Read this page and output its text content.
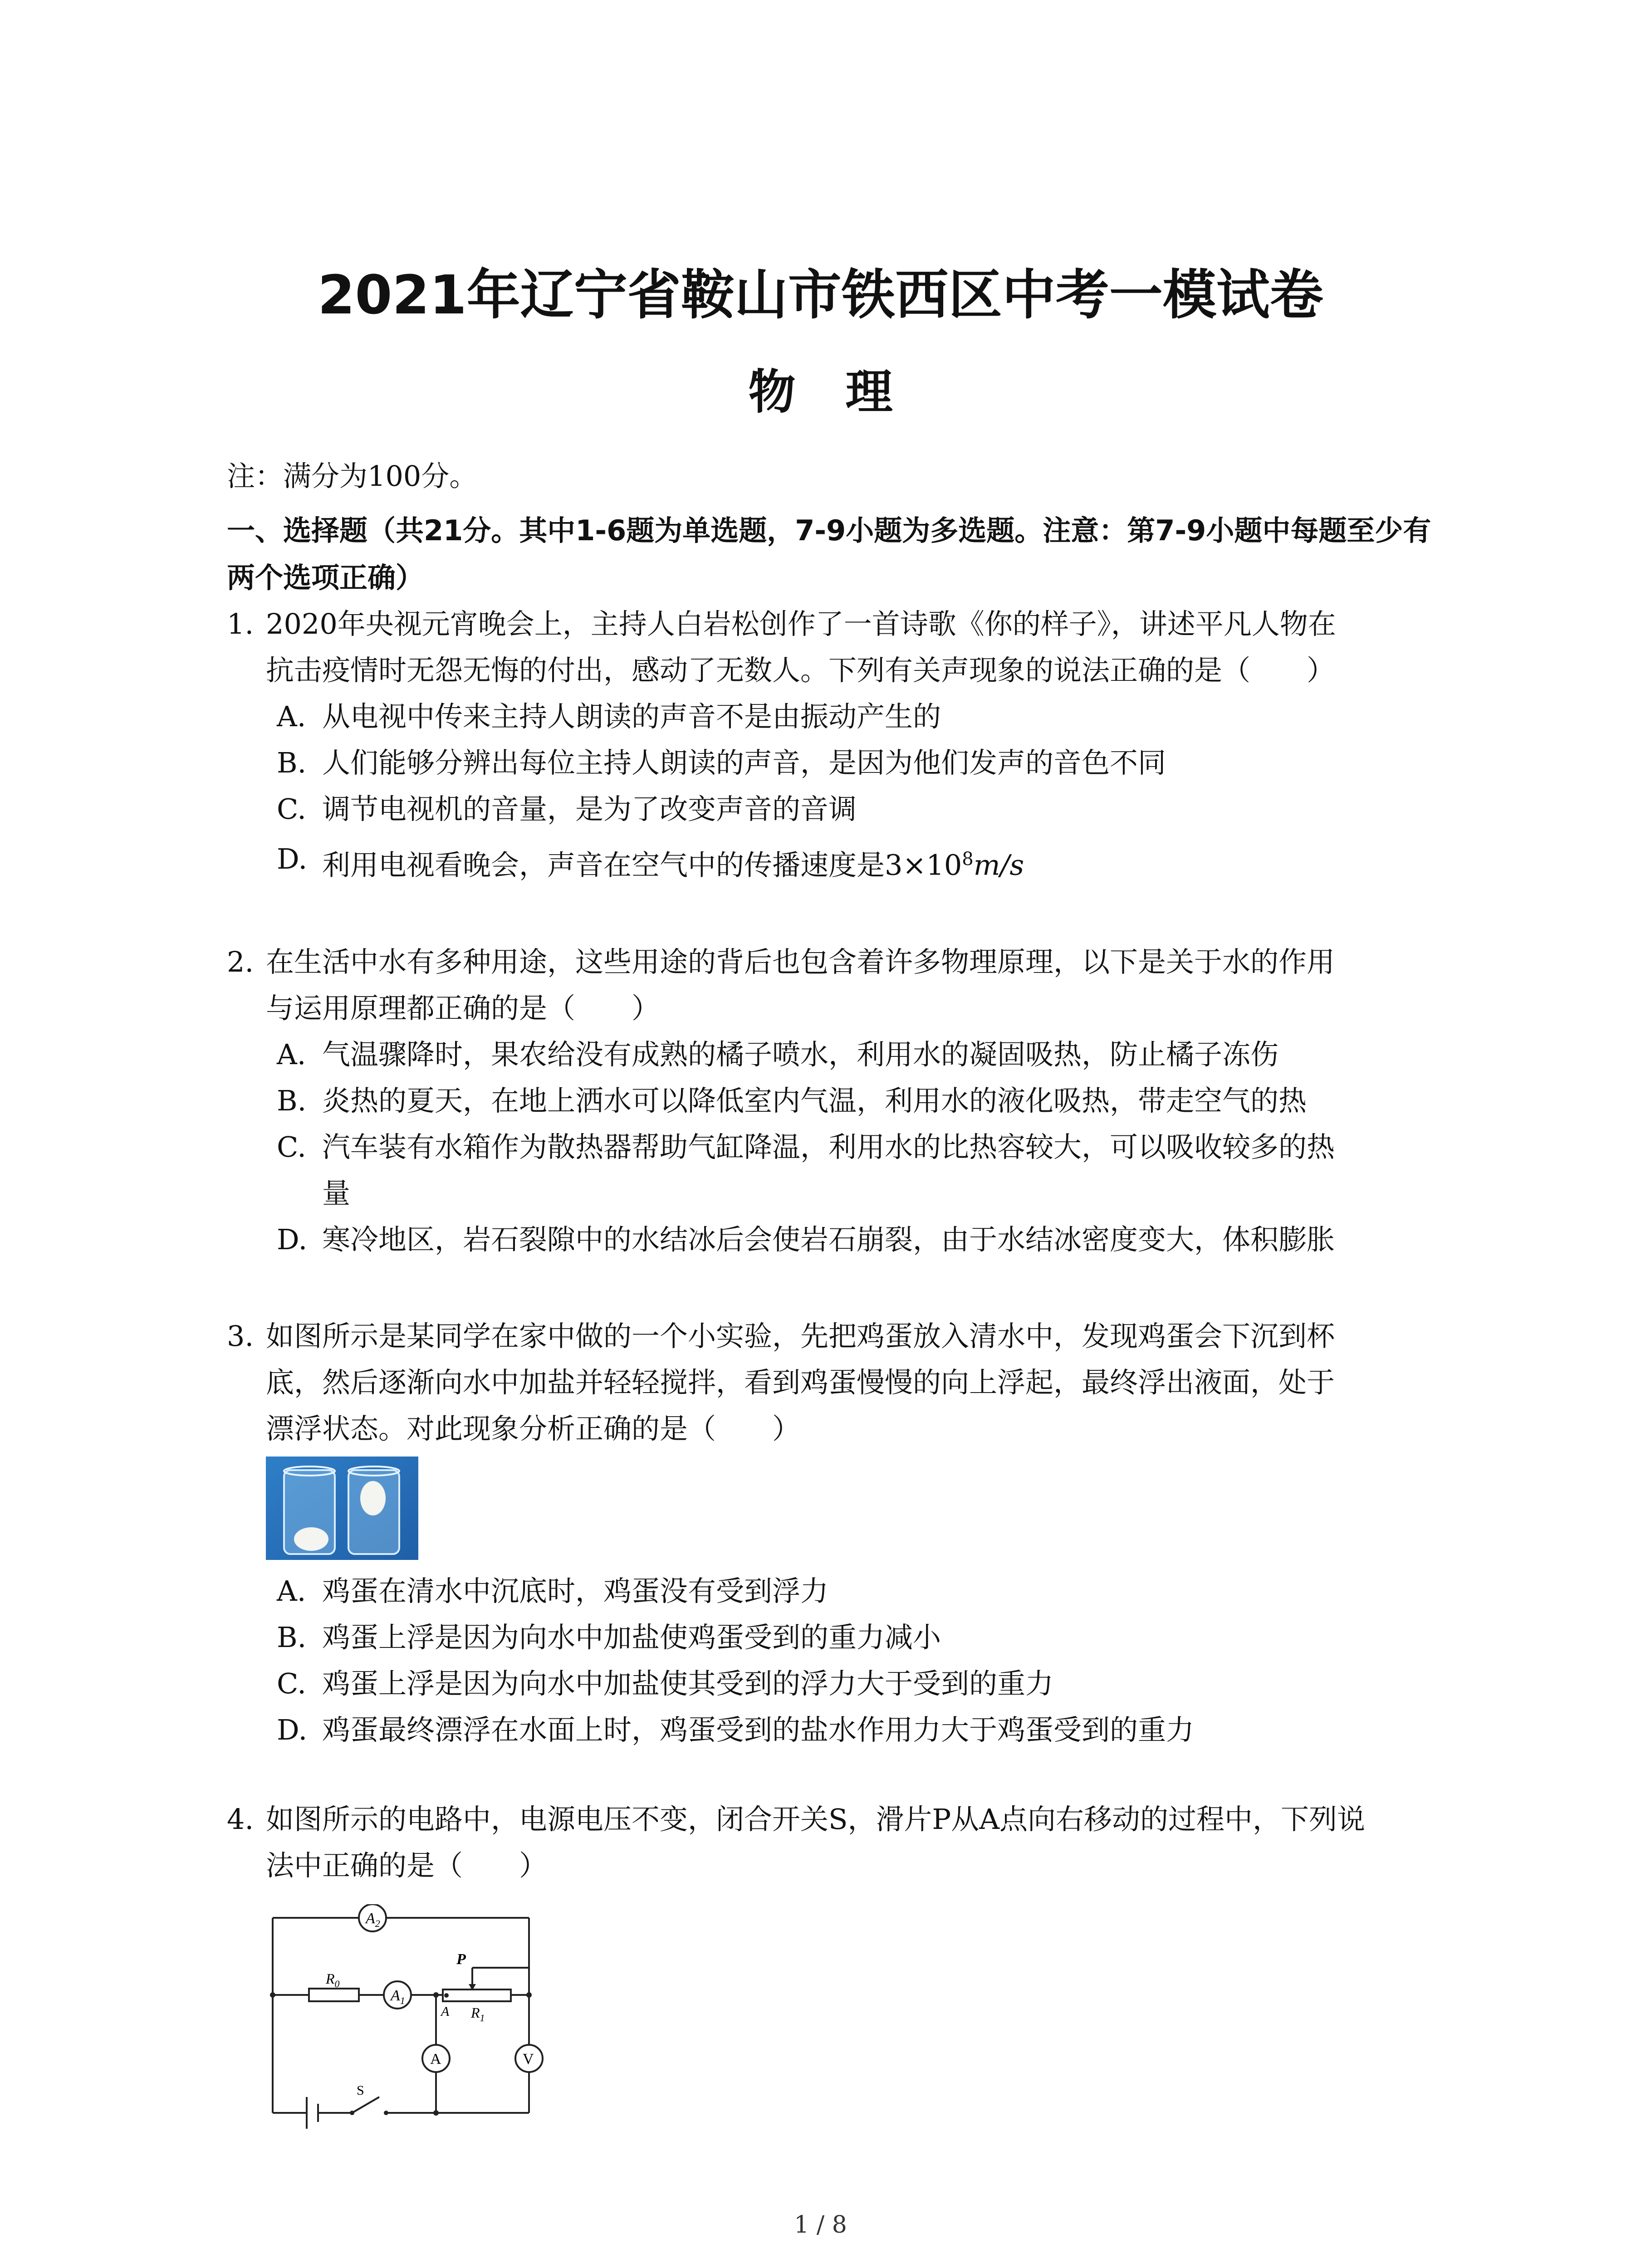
2021年辽宁省鞍山市铁西区中考一模试卷
物理
注：满分为100分。
一、选择题（共21分。其中1-6题为单选题，7-9小题为多选题。注意：第7-9小题中每题至少有两个选项正确）
1. 2020年央视元宵晚会上，主持人白岩松创作了一首诗歌《你的样子》，讲述平凡人物在
抗击疫情时无怨无悔的付出，感动了无数人。下列有关声现象的说法正确的是（　　）
A. 从电视中传来主持人朗读的声音不是由振动产生的
B. 人们能够分辨出每位主持人朗读的声音，是因为他们发声的音色不同
C. 调节电视机的音量，是为了改变声音的音调
D. 利用电视看晚会，声音在空气中的传播速度是$3\times 10^8m/s$
2. 在生活中水有多种用途，这些用途的背后也包含着许多物理原理，以下是关于水的作用
与运用原理都正确的是（　　）
A. 气温骤降时，果农给没有成熟的橘子喷水，利用水的凝固吸热，防止橘子冻伤
B. 炎热的夏天，在地上洒水可以降低室内气温，利用水的液化吸热，带走空气的热
C. 汽车装有水箱作为散热器帮助气缸降温，利用水的比热容较大，可以吸收较多的热
量
D. 寒冷地区，岩石裂隙中的水结冰后会使岩石崩裂，由于水结冰密度变大，体积膨胀
3. 如图所示是某同学在家中做的一个小实验，先把鸡蛋放入清水中，发现鸡蛋会下沉到杯
底，然后逐渐向水中加盐并轻轻搅拌，看到鸡蛋慢慢的向上浮起，最终浮出液面，处于
漂浮状态。对此现象分析正确的是（　　）
A. 鸡蛋在清水中沉底时，鸡蛋没有受到浮力
B. 鸡蛋上浮是因为向水中加盐使鸡蛋受到的重力减小
C. 鸡蛋上浮是因为向水中加盐使其受到的浮力大于受到的重力
D. 鸡蛋最终漂浮在水面上时，鸡蛋受到的盐水作用力大于鸡蛋受到的重力
4. 如图所示的电路中，电源电压不变，闭合开关S，滑片P从A点向右移动的过程中，下列说
法中正确的是（　　）
$A_2$
$A_1$
$R_0$
$R_1$
P
A
A	V
S
1 / 8
